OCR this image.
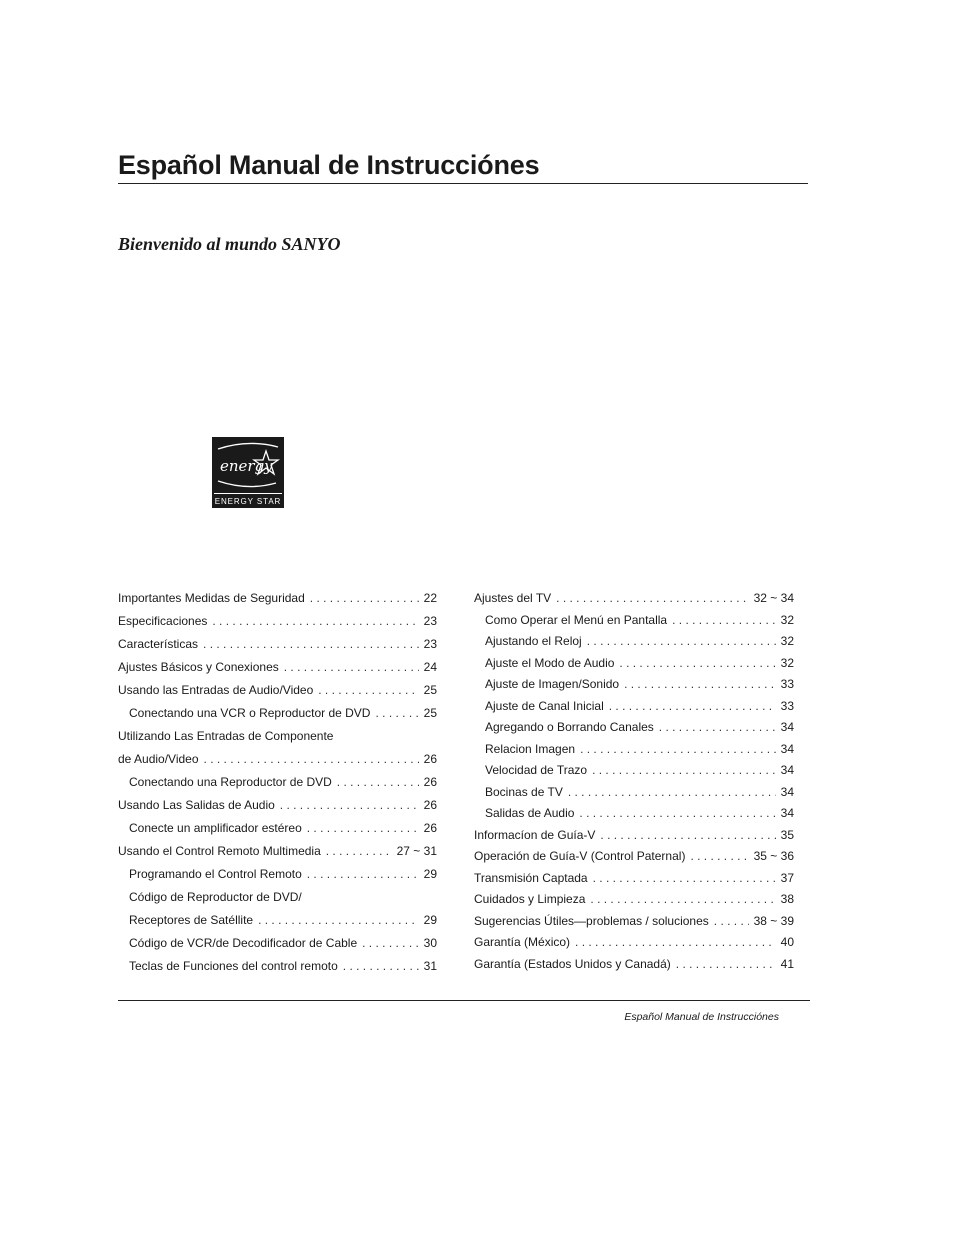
Español Manual de Instrucciónes
Bienvenido al mundo SANYO
energy
ENERGY STAR
Importantes Medidas de Seguridad . . .	22
Especificaciones . . .	23
Características . . .	23
Ajustes Básicos y Conexiones . . .	24
Usando las Entradas de Audio/Video . . .	25
Conectando una VCR o Reproductor de DVD . . .	25
Utilizando Las Entradas de Componente
de Audio/Video . . .	26
Conectando una Reproductor de DVD . . .	26
Usando Las Salidas de Audio . . .	26
Conecte un amplificador estéreo . . .	26
Usando el Control Remoto Multimedia . . .	27 ~ 31
Programando el Control Remoto . . .	29
Código de Reproductor de DVD/
Receptores de Satéllite . . .	29
Código de VCR/de Decodificador de Cable . . .	30
Teclas de Funciones del control remoto . . .	31
Ajustes del TV . . .	32 ~ 34
Como Operar el Menú en Pantalla . . .	32
Ajustando el Reloj . . .	32
Ajuste el Modo de Audio . . .	32
Ajuste de Imagen/Sonido . . .	33
Ajuste de Canal Inicial . . .	33
Agregando o Borrando Canales . . .	34
Relacion Imagen . . .	34
Velocidad de Trazo . . .	34
Bocinas de TV . . .	34
Salidas de Audio . . .	34
Informacíon de Guía-V . . .	35
Operación de Guía-V (Control Paternal) . . .	35 ~ 36
Transmisión Captada . . .	37
Cuidados y Limpieza . . .	38
Sugerencias Útiles—problemas / soluciones . . .	38 ~ 39
Garantía (México) . . .	40
Garantía (Estados Unidos y Canadá) . . .	41
Español Manual de Instrucciónes
